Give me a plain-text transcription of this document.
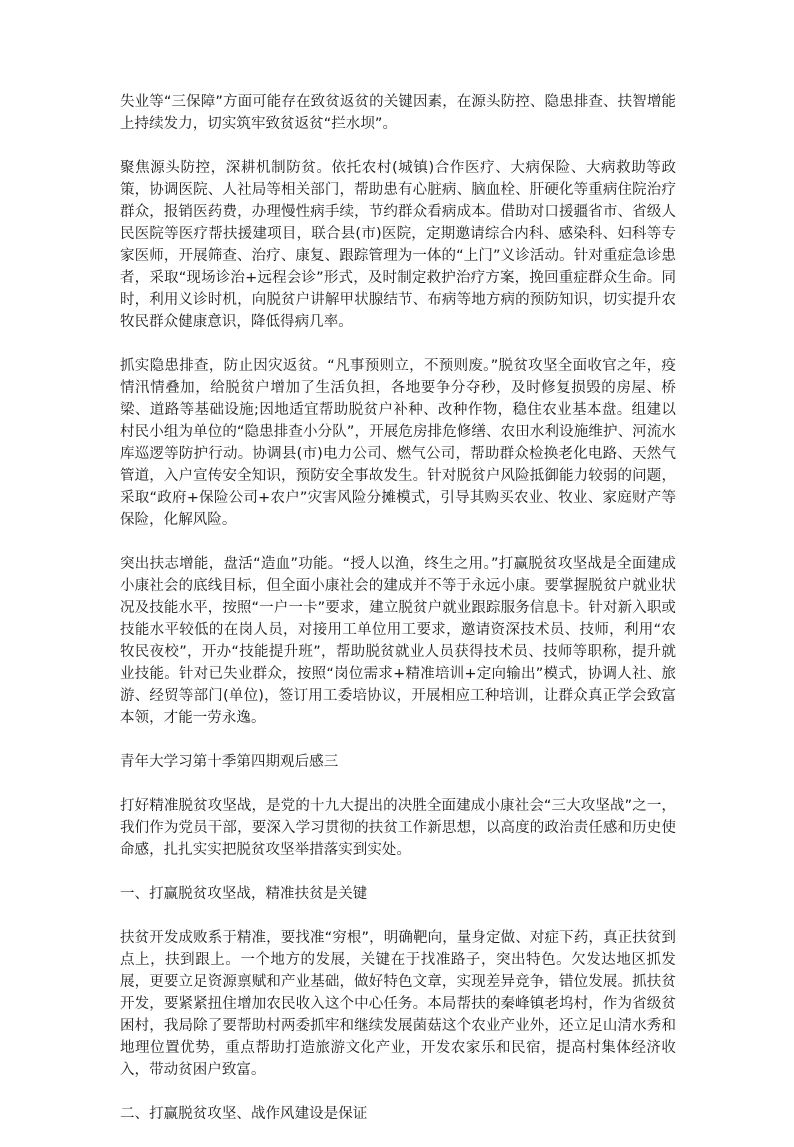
失业等“三保障”方面可能存在致贫返贫的关键因素，在源头防控、隐患排查、扶智增能上持续发力，切实筑牢致贫返贫“拦水坝”。

聚焦源头防控，深耕机制防贫。依托农村(城镇)合作医疗、大病保险、大病救助等政策，协调医院、人社局等相关部门，帮助患有心脏病、脑血栓、肝硬化等重病住院治疗群众，报销医药费，办理慢性病手续，节约群众看病成本。借助对口援疆省市、省级人民医院等医疗帮扶援建项目，联合县(市)医院，定期邀请综合内科、感染科、妇科等专家医师，开展筛查、治疗、康复、跟踪管理为一体的“上门”义诊活动。针对重症急诊患者，采取“现场诊治+远程会诊”形式，及时制定救护治疗方案，挽回重症群众生命。同时，利用义诊时机，向脱贫户讲解甲状腺结节、布病等地方病的预防知识，切实提升农牧民群众健康意识，降低得病几率。

抓实隐患排查，防止因灾返贫。“凡事预则立，不预则废。”脱贫攻坚全面收官之年，疫情汛情叠加，给脱贫户增加了生活负担，各地要争分夺秒，及时修复损毁的房屋、桥梁、道路等基础设施;因地适宜帮助脱贫户补种、改种作物，稳住农业基本盘。组建以村民小组为单位的“隐患排查小分队”，开展危房排危修缮、农田水利设施维护、河流水库巡逻等防护行动。协调县(市)电力公司、燃气公司，帮助群众检换老化电路、天然气管道，入户宣传安全知识，预防安全事故发生。针对脱贫户风险抵御能力较弱的问题，采取“政府+保险公司+农户”灾害风险分摊模式，引导其购买农业、牧业、家庭财产等保险，化解风险。

突出扶志增能，盘活“造血”功能。“授人以渔，终生之用。”打赢脱贫攻坚战是全面建成小康社会的底线目标，但全面小康社会的建成并不等于永远小康。要掌握脱贫户就业状况及技能水平，按照“一户一卡”要求，建立脱贫户就业跟踪服务信息卡。针对新入职或技能水平较低的在岗人员，对接用工单位用工要求，邀请资深技术员、技师，利用“农牧民夜校”，开办“技能提升班”，帮助脱贫就业人员获得技术员、技师等职称，提升就业技能。针对已失业群众，按照“岗位需求+精准培训+定向输出”模式，协调人社、旅游、经贸等部门(单位)，签订用工委培协议，开展相应工种培训，让群众真正学会致富本领，才能一劳永逸。

青年大学习第十季第四期观后感三

打好精准脱贫攻坚战，是党的十九大提出的决胜全面建成小康社会“三大攻坚战”之一，我们作为党员干部，要深入学习贯彻的扶贫工作新思想，以高度的政治责任感和历史使命感，扎扎实实把脱贫攻坚举措落实到实处。

一、打赢脱贫攻坚战，精准扶贫是关键

扶贫开发成败系于精准，要找准“穷根”，明确靶向，量身定做、对症下药，真正扶贫到点上，扶到跟上。一个地方的发展，关键在于找准路子，突出特色。欠发达地区抓发展，更要立足资源禀赋和产业基础，做好特色文章，实现差异竞争，错位发展。抓扶贫开发，要紧紧扭住增加农民收入这个中心任务。本局帮扶的秦峰镇老坞村，作为省级贫困村，我局除了要帮助村两委抓牢和继续发展菌菇这个农业产业外，还立足山清水秀和地理位置优势，重点帮助打造旅游文化产业，开发农家乐和民宿，提高村集体经济收入，带动贫困户致富。

二、打赢脱贫攻坚、战作风建设是保证
